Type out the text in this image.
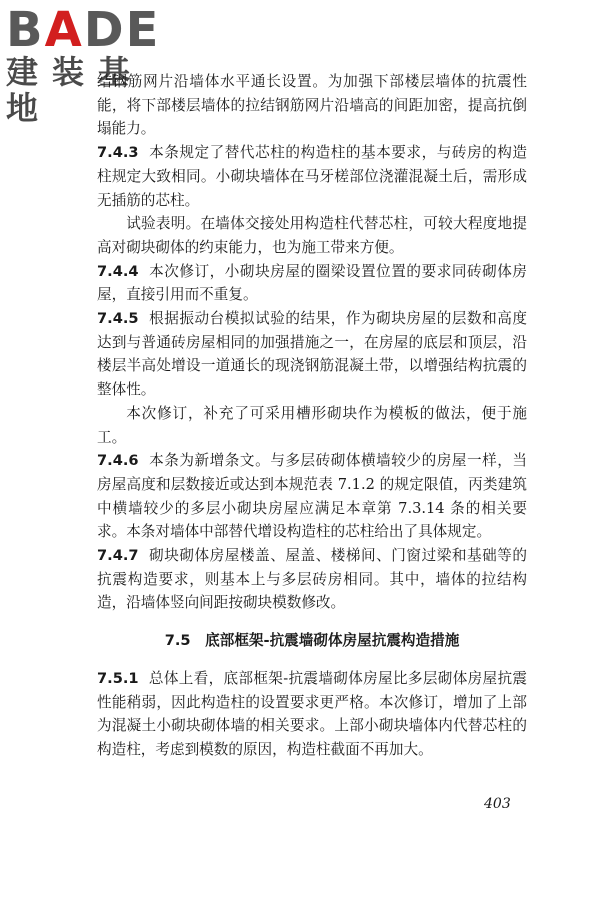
BADE
建装基地

结钢筋网片沿墙体水平通长设置。为加强下部楼层墙体的抗震性能，将下部楼层墙体的拉结钢筋网片沿墙高的间距加密，提高抗倒塌能力。

7.4.3 本条规定了替代芯柱的构造柱的基本要求，与砖房的构造柱规定大致相同。小砌块墙体在马牙槎部位浇灌混凝土后，需形成无插筋的芯柱。

试验表明。在墙体交接处用构造柱代替芯柱，可较大程度地提高对砌块砌体的约束能力，也为施工带来方便。

7.4.4 本次修订，小砌块房屋的圈梁设置位置的要求同砖砌体房屋，直接引用而不重复。

7.4.5 根据振动台模拟试验的结果，作为砌块房屋的层数和高度达到与普通砖房屋相同的加强措施之一，在房屋的底层和顶层，沿楼层半高处增设一道通长的现浇钢筋混凝土带，以增强结构抗震的整体性。

本次修订，补充了可采用槽形砌块作为模板的做法，便于施工。

7.4.6 本条为新增条文。与多层砖砌体横墙较少的房屋一样，当房屋高度和层数接近或达到本规范表 7.1.2 的规定限值，丙类建筑中横墙较少的多层小砌块房屋应满足本章第 7.3.14 条的相关要求。本条对墙体中部替代增设构造柱的芯柱给出了具体规定。

7.4.7 砌块砌体房屋楼盖、屋盖、楼梯间、门窗过梁和基础等的抗震构造要求，则基本上与多层砖房相同。其中，墙体的拉结构造，沿墙体竖向间距按砌块模数修改。

7.5　底部框架-抗震墙砌体房屋抗震构造措施

7.5.1 总体上看，底部框架-抗震墙砌体房屋比多层砌体房屋抗震性能稍弱，因此构造柱的设置要求更严格。本次修订，增加了上部为混凝土小砌块砌体墙的相关要求。上部小砌块墙体内代替芯柱的构造柱，考虑到模数的原因，构造柱截面不再加大。

403
